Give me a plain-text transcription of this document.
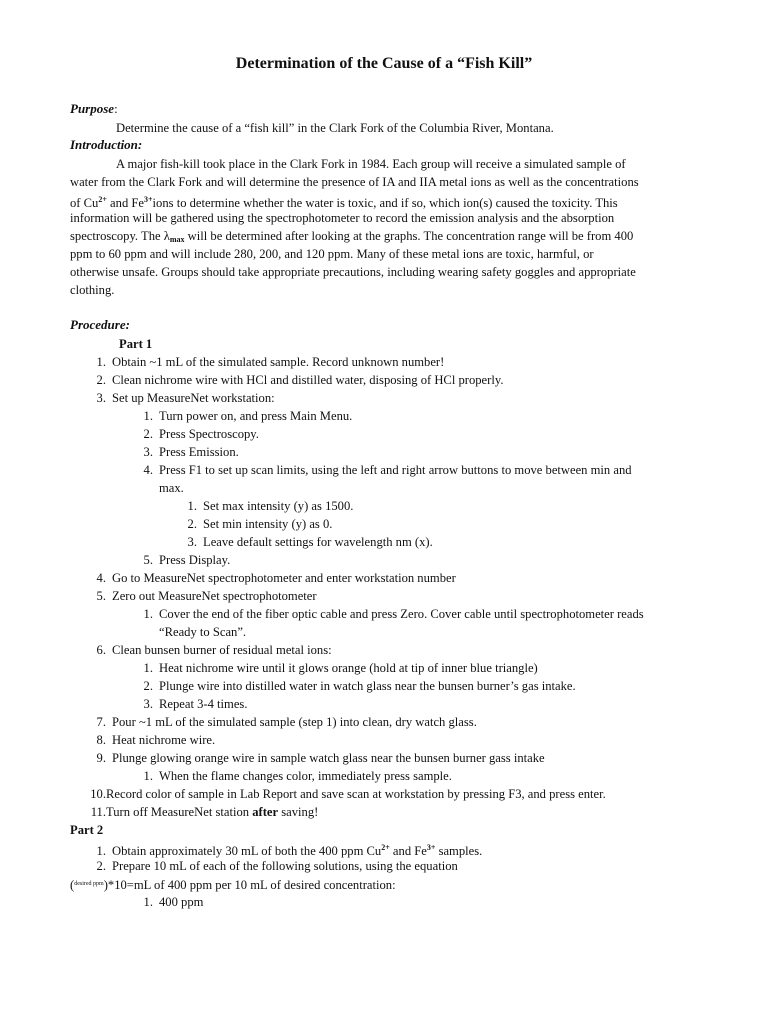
Determination of the Cause of a “Fish Kill”
Purpose:
Determine the cause of a “fish kill” in the Clark Fork of the Columbia River, Montana.
Introduction:
A major fish-kill took place in the Clark Fork in 1984. Each group will receive a simulated sample of
water from the Clark Fork and will determine the presence of IA and IIA metal ions as well as the concentrations
of $Cu^{2+}$ and $Fe^{3+}ions$ to determine whether the water is toxic, and if so, which ion(s) caused the toxicity. This
information will be gathered using the spectrophotometer to record the emission analysis and the absorption
spectroscopy. The $\lambda_{max}$ will be determined after looking at the graphs. The concentration range will be from 400
ppm to 60 ppm and will include 280, 200, and 120 ppm. Many of these metal ions are toxic, harmful, or
otherwise unsafe. Groups should take appropriate precautions, including wearing safety goggles and appropriate
clothing.
Procedure:
Part 1
1. Obtain ~1 mL of the simulated sample. Record unknown number!
2. Clean nichrome wire with HCl and distilled water, disposing of HCl properly.
3. Set up MeasureNet workstation:
1. Turn power on, and press Main Menu.
2. Press Spectroscopy.
3. Press Emission.
4. Press F1 to set up scan limits, using the left and right arrow buttons to move between min and
max.
1. Set max intensity (y) as 1500.
2. Set min intensity (y) as 0.
3. Leave default settings for wavelength nm (x).
5. Press Display.
4. Go to MeasureNet spectrophotometer and enter workstation number
5. Zero out MeasureNet spectrophotometer
1. Cover the end of the fiber optic cable and press Zero. Cover cable until spectrophotometer reads
“Ready to Scan”.
6. Clean bunsen burner of residual metal ions:
1. Heat nichrome wire until it glows orange (hold at tip of inner blue triangle)
2. Plunge wire into distilled water in watch glass near the bunsen burner’s gas intake.
3. Repeat 3-4 times.
7. Pour ~1 mL of the simulated sample (step 1) into clean, dry watch glass.
8. Heat nichrome wire.
9. Plunge glowing orange wire in sample watch glass near the bunsen burner gass intake
1. When the flame changes color, immediately press sample.
10.Record color of sample in Lab Report and save scan at workstation by pressing F3, and press enter.
11.Turn off MeasureNet station after saving!
Part 2
1. Obtain approximately 30 mL of both the 400 ppm $Cu^{2+}$ and $Fe^{3+}$ samples.
2. Prepare 10 mL of each of the following solutions, using the equation
($^{desired ppm}$)*10=mL of 400 ppm per 10 mL of desired concentration:
1. 400 ppm
